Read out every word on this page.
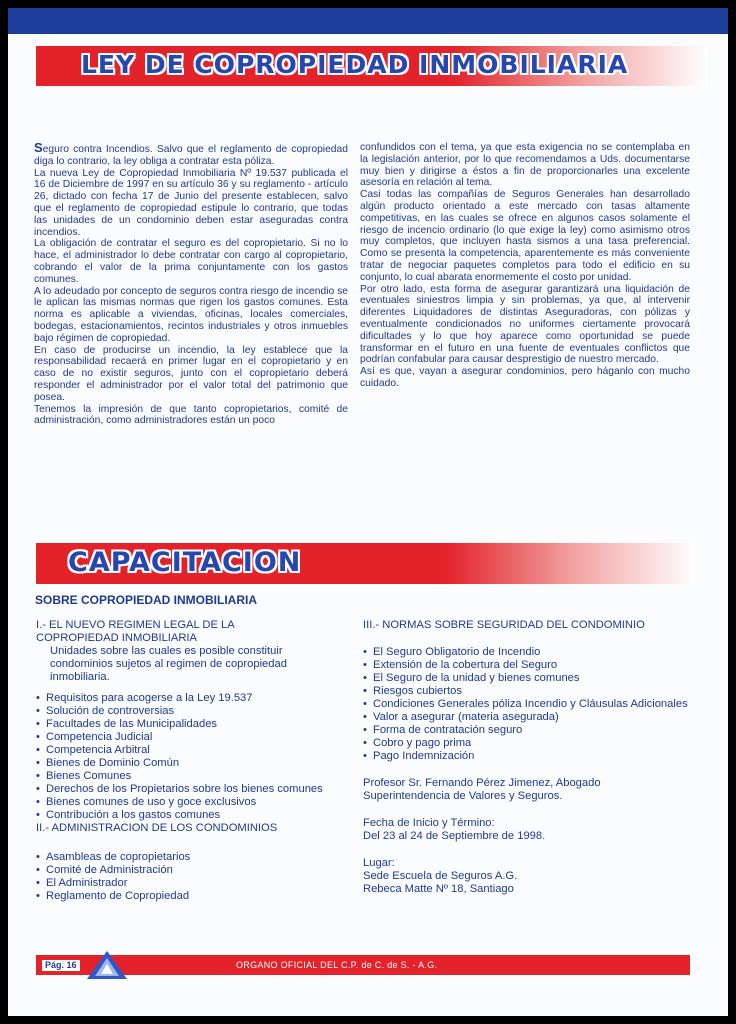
LEY DE COPROPIEDAD INMOBILIARIA

Seguro contra Incendios. Salvo que el reglamento de copropiedad diga lo contrario, la ley obliga a contratar esta póliza.

La nueva Ley de Copropiedad Inmobiliaria Nº 19.537 publicada el 16 de Diciembre de 1997 en su artículo 36 y su reglamento - artículo 26, dictado con fecha 17 de Junio del presente establecen, salvo que el reglamento de copropiedad estipule lo contrario, que todas las unidades de un condominio deben estar aseguradas contra incendios.

La obligación de contratar el seguro es del copropietario. Si no lo hace, el administrador lo debe contratar con cargo al copropietario, cobrando el valor de la prima conjuntamente con los gastos comunes.

A lo adeudado por concepto de seguros contra riesgo de incendio se le aplican las mismas normas que rigen los gastos comunes. Esta norma es aplicable a viviendas, oficinas, locales comerciales, bodegas, estacionamientos, recintos industriales y otros inmuebles bajo régimen de copropiedad.

En caso de producirse un incendio, la ley establece que la responsabilidad recaerá en primer lugar en el copropietario y en caso de no existir seguros, junto con el copropietario deberá responder el administrador por el valor total del patrimonio que posea.

Tenemos la impresión de que tanto copropietarios, comité de administración, como administradores están un poco

confundidos con el tema, ya que esta exigencia no se contemplaba en la legislación anterior, por lo que recomendamos a Uds. documentarse muy bien y dirigirse a éstos a fin de proporcionarles una excelente asesoría en relación al tema.

Casi todas las compañías de Seguros Generales han desarrollado algún producto orientado a este mercado con tasas altamente competitivas, en las cuales se ofrece en algunos casos solamente el riesgo de incencio ordinario (lo que exige la ley) como asimismo otros muy completos, que incluyen hasta sismos a una tasa preferencial. Como se presenta la competencia, aparentemente es más conveniente tratar de negociar paquetes completos para todo el edificio en su conjunto, lo cual abarata enormemente el costo por unidad.

Por otro lado, esta forma de asegurar garantizará una liquidación de eventuales siniestros limpia y sin problemas, ya que, al intervenir diferentes Liquidadores de distintas Aseguradoras, con pólizas y eventualmente condicionados no uniformes ciertamente provocará dificultades y lo que hoy aparece como oportunidad se puede transformar en el futuro en una fuente de eventuales conflictos que podrían confabular para causar desprestigio de nuestro mercado.

Así es que, vayan a asegurar condominios, pero háganlo con mucho cuidado.

CAPACITACION
SOBRE COPROPIEDAD INMOBILIARIA

I.- EL NUEVO REGIMEN LEGAL DE LA COPROPIEDAD INMOBILIARIA

Unidades sobre las cuales es posible constituir condominios sujetos al regimen de copropiedad inmobiliaria.

• Requisitos para acogerse a la Ley 19.537
• Solución de controversias
• Facultades de las Municipalidades
• Competencia Judicial
• Competencia Arbitral
• Bienes de Dominio Común
• Bienes Comunes
• Derechos de los Propietarios sobre los bienes comunes
• Bienes comunes de uso y goce exclusivos
• Contribución a los gastos comunes

II.- ADMINISTRACION DE LOS CONDOMINIOS

• Asambleas de copropietarios
• Comité de Administración
• El Administrador
• Reglamento de Copropiedad

III.- NORMAS SOBRE SEGURIDAD DEL CONDOMINIO

• El Seguro Obligatorio de Incendio
• Extensión de la cobertura del Seguro
• El Seguro de la unidad y bienes comunes
• Riesgos cubiertos
• Condiciones Generales póliza Incendio y Cláusulas Adicionales
• Valor a asegurar (materia asegurada)
• Forma de contratación seguro
• Cobro y pago prima
• Pago Indemnización

Profesor Sr. Fernando Pérez Jimenez, Abogado

Superintendencia de Valores y Seguros.

Fecha de Inicio y Término:

Del 23 al 24 de Septiembre de 1998.

Lugar:

Sede Escuela de Seguros A.G.

Rebeca Matte Nº 18, Santiago

Pág. 16	ORGANO OFICIAL DEL C.P. de C. de S. - A.G.
